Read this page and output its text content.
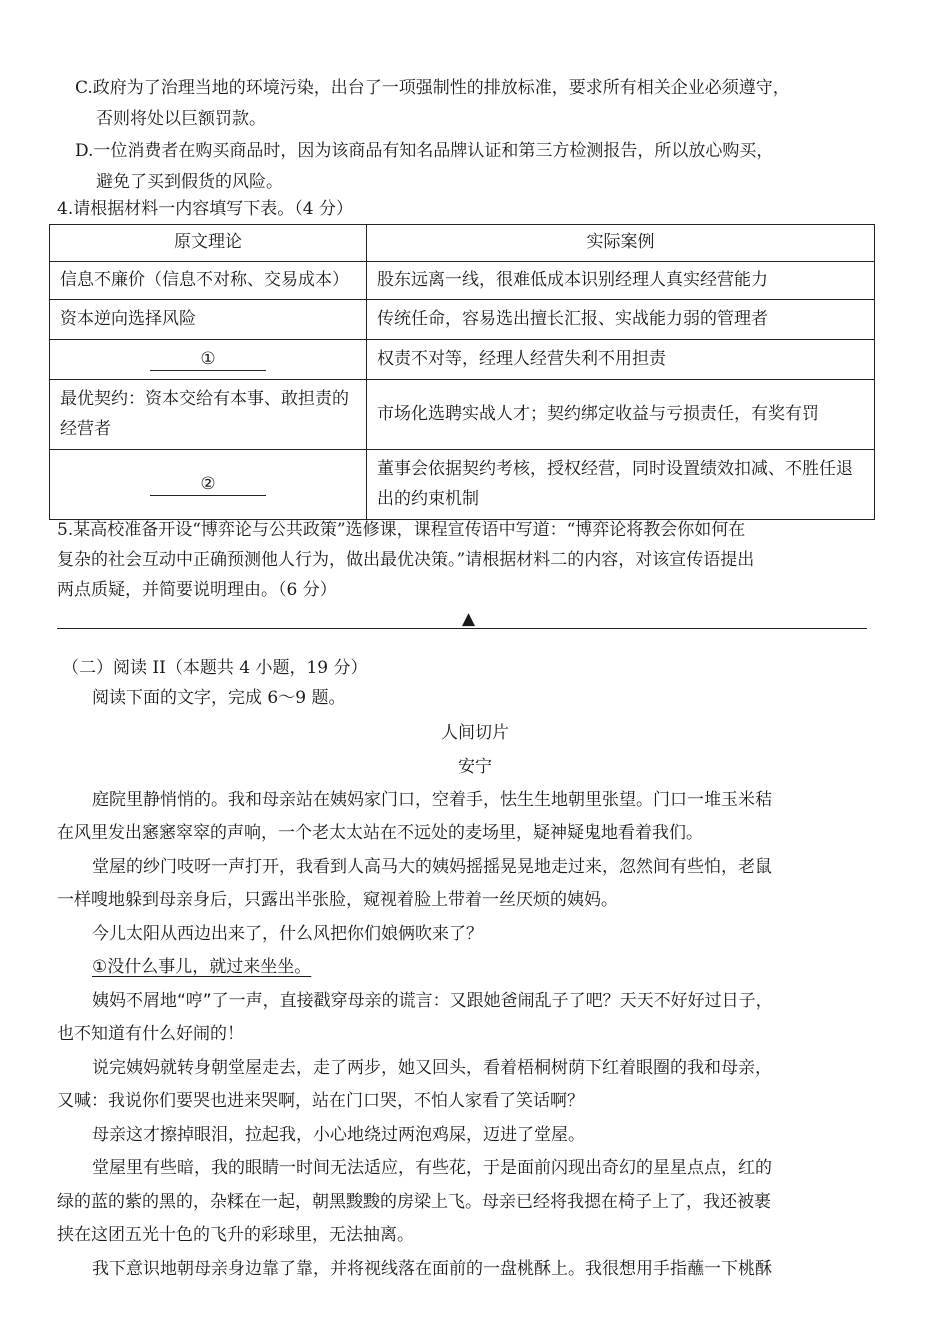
C.政府为了治理当地的环境污染，出台了一项强制性的排放标准，要求所有相关企业必须遵守，
否则将处以巨额罚款。
D.一位消费者在购买商品时，因为该商品有知名品牌认证和第三方检测报告，所以放心购买，
避免了买到假货的风险。
4.请根据材料一内容填写下表。（4 分）
原文理论	实际案例
信息不廉价（信息不对称、交易成本）	股东远离一线，很难低成本识别经理人真实经营能力
资本逆向选择风险	传统任命，容易选出擅长汇报、实战能力弱的管理者
①	权责不对等，经理人经营失利不用担责
最优契约：资本交给有本事、敢担责的经营者	市场化选聘实战人才；契约绑定收益与亏损责任，有奖有罚
②	董事会依据契约考核，授权经营，同时设置绩效扣减、不胜任退出的约束机制
5.某高校准备开设“博弈论与公共政策”选修课，课程宣传语中写道：“博弈论将教会你如何在
复杂的社会互动中正确预测他人行为，做出最优决策。”请根据材料二的内容，对该宣传语提出
两点质疑，并简要说明理由。（6 分）
▲
（二）阅读 II（本题共 4 小题，19 分）
阅读下面的文字，完成 6～9 题。
人间切片
安宁
庭院里静悄悄的。我和母亲站在姨妈家门口，空着手，怯生生地朝里张望。门口一堆玉米秸
在风里发出窸窸窣窣的声响，一个老太太站在不远处的麦场里，疑神疑鬼地看着我们。
堂屋的纱门吱呀一声打开，我看到人高马大的姨妈摇摇晃晃地走过来，忽然间有些怕，老鼠
一样嗖地躲到母亲身后，只露出半张脸，窥视着脸上带着一丝厌烦的姨妈。
今儿太阳从西边出来了，什么风把你们娘俩吹来了？
①没什么事儿，就过来坐坐。
姨妈不屑地“哼”了一声，直接戳穿母亲的谎言：又跟她爸闹乱子了吧？天天不好好过日子，
也不知道有什么好闹的！
说完姨妈就转身朝堂屋走去，走了两步，她又回头，看着梧桐树荫下红着眼圈的我和母亲，
又喊：我说你们要哭也进来哭啊，站在门口哭，不怕人家看了笑话啊？
母亲这才擦掉眼泪，拉起我，小心地绕过两泡鸡屎，迈进了堂屋。
堂屋里有些暗，我的眼睛一时间无法适应，有些花，于是面前闪现出奇幻的星星点点，红的
绿的蓝的紫的黑的，杂糅在一起，朝黑黢黢的房梁上飞。母亲已经将我摁在椅子上了，我还被裹
挟在这团五光十色的飞升的彩球里，无法抽离。
我下意识地朝母亲身边靠了靠，并将视线落在面前的一盘桃酥上。我很想用手指蘸一下桃酥
